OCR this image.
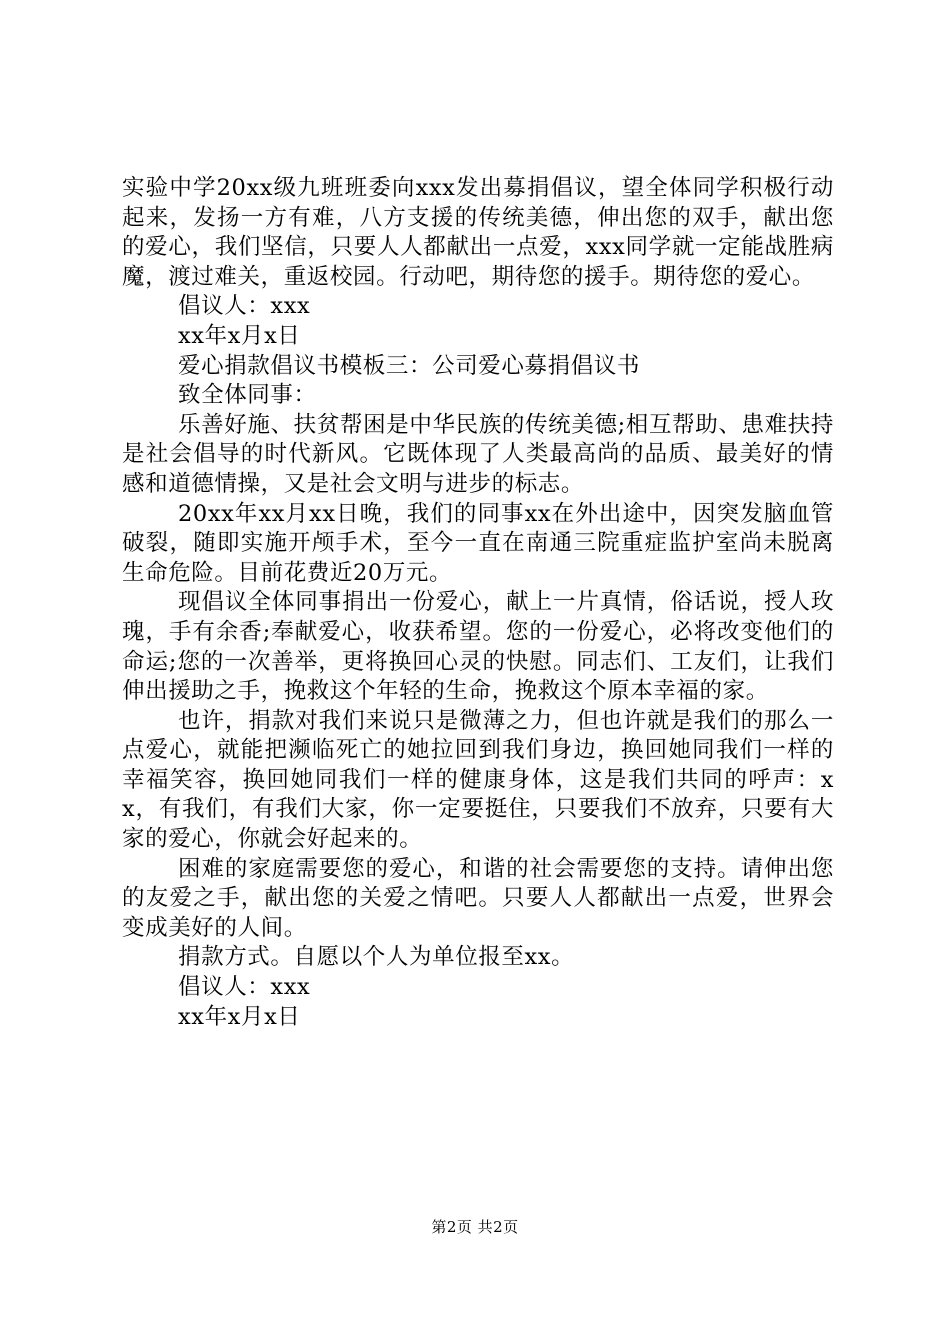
实验中学20xx级九班班委向xxx发出募捐倡议，望全体同学积极行动起来，发扬一方有难，八方支援的传统美德，伸出您的双手，献出您的爱心，我们坚信，只要人人都献出一点爱，xxx同学就一定能战胜病魔，渡过难关，重返校园。行动吧，期待您的援手。期待您的爱心。

倡议人：xxx

xx年x月x日

爱心捐款倡议书模板三：公司爱心募捐倡议书

致全体同事：

乐善好施、扶贫帮困是中华民族的传统美德;相互帮助、患难扶持是社会倡导的时代新风。它既体现了人类最高尚的品质、最美好的情感和道德情操，又是社会文明与进步的标志。

20xx年xx月xx日晚，我们的同事xx在外出途中，因突发脑血管破裂，随即实施开颅手术，至今一直在南通三院重症监护室尚未脱离生命危险。目前花费近20万元。

现倡议全体同事捐出一份爱心，献上一片真情，俗话说，授人玫瑰，手有余香;奉献爱心，收获希望。您的一份爱心，必将改变他们的命运;您的一次善举，更将换回心灵的快慰。同志们、工友们，让我们伸出援助之手，挽救这个年轻的生命，挽救这个原本幸福的家。

也许，捐款对我们来说只是微薄之力，但也许就是我们的那么一点爱心，就能把濒临死亡的她拉回到我们身边，换回她同我们一样的幸福笑容，换回她同我们一样的健康身体，这是我们共同的呼声：xx，有我们，有我们大家，你一定要挺住，只要我们不放弃，只要有大家的爱心，你就会好起来的。

困难的家庭需要您的爱心，和谐的社会需要您的支持。请伸出您的友爱之手，献出您的关爱之情吧。只要人人都献出一点爱，世界会变成美好的人间。

捐款方式。自愿以个人为单位报至xx。

倡议人：xxx

xx年x月x日

第2页 共2页
